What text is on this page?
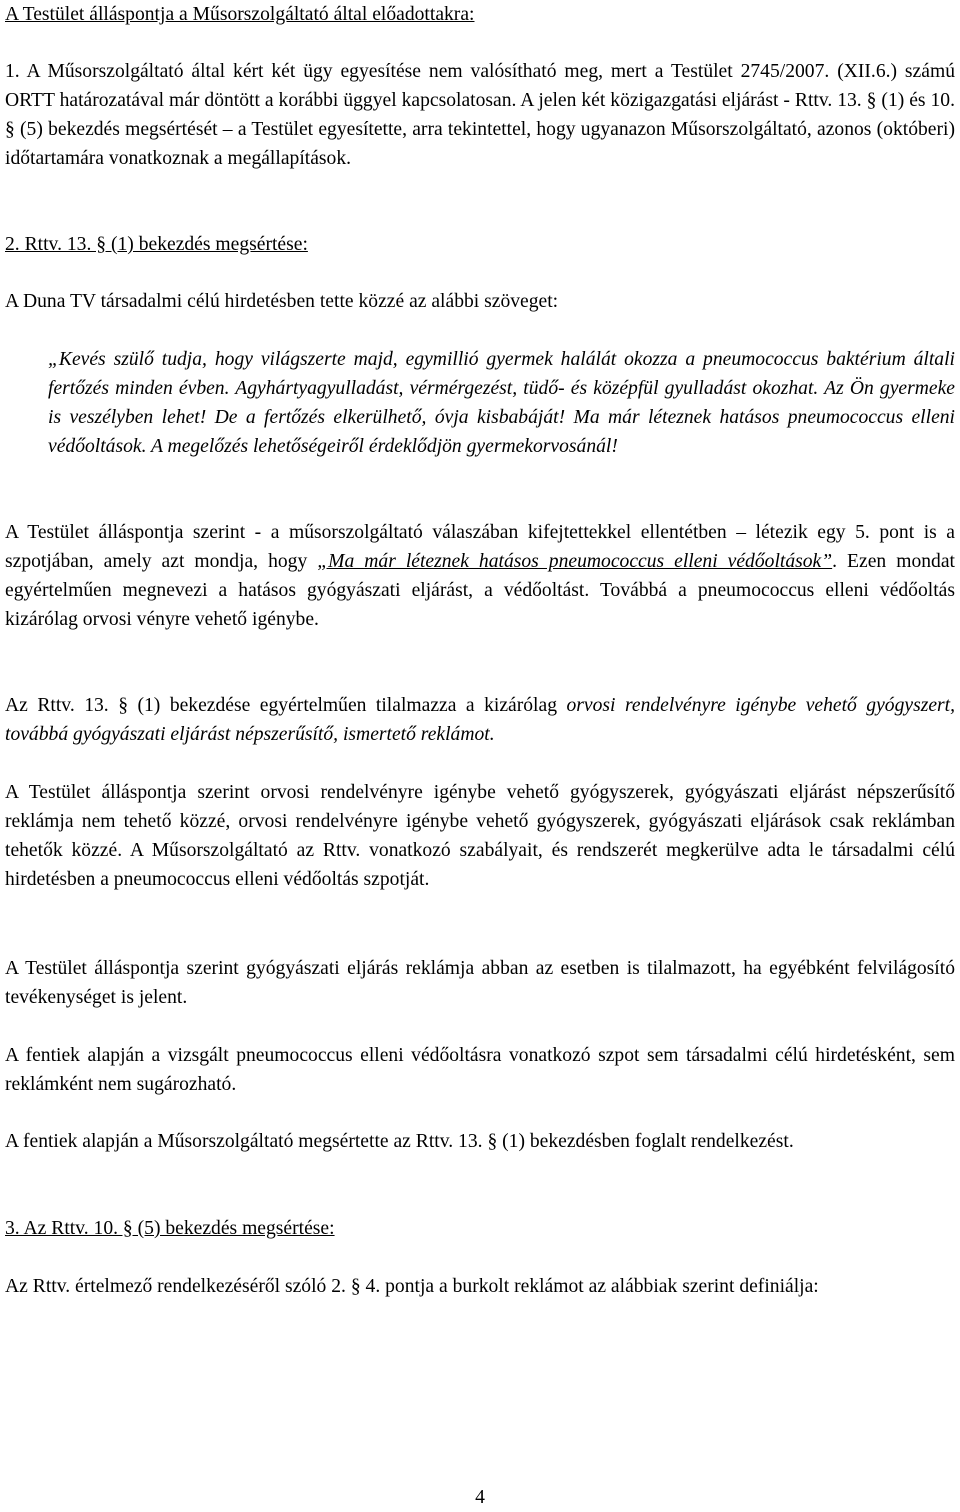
A Testület álláspontja a Műsorszolgáltató által előadottakra:

1. A Műsorszolgáltató által kért két ügy egyesítése nem valósítható meg, mert a Testület 2745/2007. (XII.6.) számú ORTT határozatával már döntött a korábbi üggyel kapcsolatosan. A jelen két közigazgatási eljárást - Rttv. 13. § (1) és 10. § (5) bekezdés megsértését – a Testület egyesítette, arra tekintettel, hogy ugyanazon Műsorszolgáltató, azonos (októberi) időtartamára vonatkoznak a megállapítások.

2. Rttv. 13. § (1) bekezdés megsértése:

A Duna TV társadalmi célú hirdetésben tette közzé az alábbi szöveget:

„Kevés szülő tudja, hogy világszerte majd, egymillió gyermek halálát okozza a pneumococcus baktérium általi fertőzés minden évben. Agyhártyagyulladást, vérmérgezést, tüdő- és középfül gyulladást okozhat. Az Ön gyermeke is veszélyben lehet! De a fertőzés elkerülhető, óvja kisbabáját! Ma már léteznek hatásos pneumococcus elleni védőoltások. A megelőzés lehetőségeiről érdeklődjön gyermekorvosánál!

A Testület álláspontja szerint - a műsorszolgáltató válaszában kifejtettekkel ellentétben – létezik egy 5. pont is a szpotjában, amely azt mondja, hogy „Ma már léteznek hatásos pneumococcus elleni védőoltások”. Ezen mondat egyértelműen megnevezi a hatásos gyógyászati eljárást, a védőoltást. Továbbá a pneumococcus elleni védőoltás kizárólag orvosi vényre vehető igénybe.

Az Rttv. 13. § (1) bekezdése egyértelműen tilalmazza a kizárólag orvosi rendelvényre igénybe vehető gyógyszert, továbbá gyógyászati eljárást népszerűsítő, ismertető reklámot.

A Testület álláspontja szerint orvosi rendelvényre igénybe vehető gyógyszerek, gyógyászati eljárást népszerűsítő reklámja nem tehető közzé, orvosi rendelvényre igénybe vehető gyógyszerek, gyógyászati eljárások csak reklámban tehetők közzé. A Műsorszolgáltató az Rttv. vonatkozó szabályait, és rendszerét megkerülve adta le társadalmi célú hirdetésben a pneumococcus elleni védőoltás szpotját.

A Testület álláspontja szerint gyógyászati eljárás reklámja abban az esetben is tilalmazott, ha egyébként felvilágosító tevékenységet is jelent.

A fentiek alapján a vizsgált pneumococcus elleni védőoltásra vonatkozó szpot sem társadalmi célú hirdetésként, sem reklámként nem sugározható.

A fentiek alapján a Műsorszolgáltató megsértette az Rttv. 13. § (1) bekezdésben foglalt rendelkezést.

3. Az Rttv. 10. § (5) bekezdés megsértése:

Az Rttv. értelmező rendelkezéséről szóló 2. § 4. pontja a burkolt reklámot az alábbiak szerint definiálja:

4
